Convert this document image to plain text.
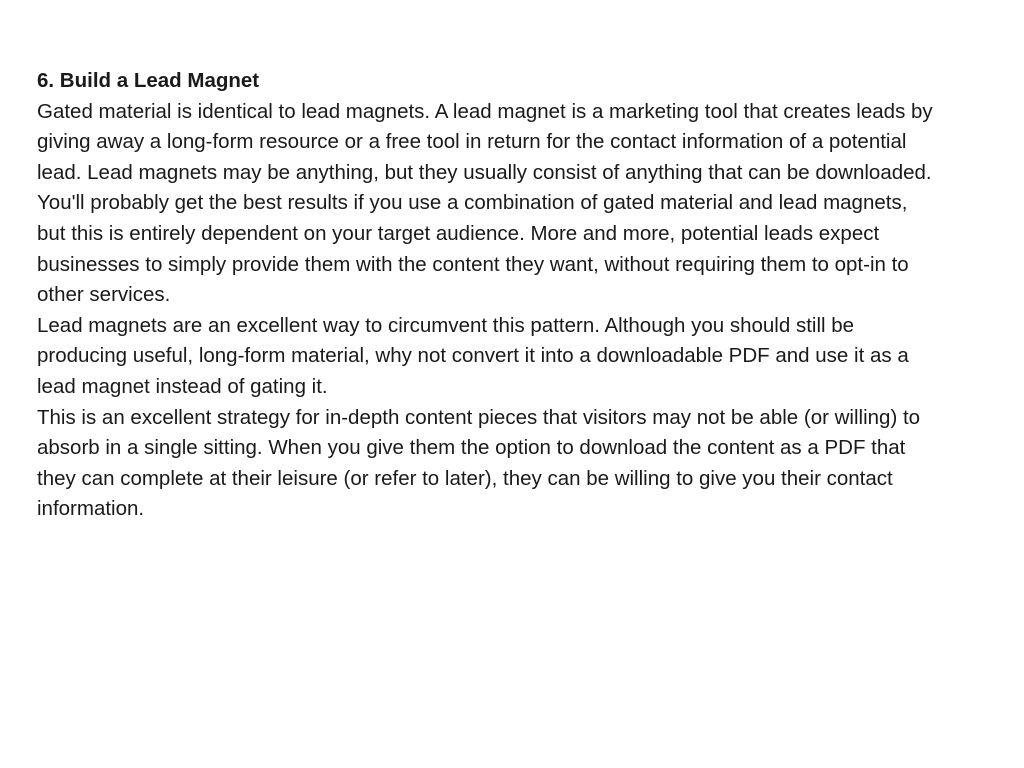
6. Build a Lead Magnet

Gated material is identical to lead magnets. A lead magnet is a marketing tool that creates leads by giving away a long-form resource or a free tool in return for the contact information of a potential lead. Lead magnets may be anything, but they usually consist of anything that can be downloaded.

You'll probably get the best results if you use a combination of gated material and lead magnets, but this is entirely dependent on your target audience. More and more, potential leads expect businesses to simply provide them with the content they want, without requiring them to opt-in to other services.

Lead magnets are an excellent way to circumvent this pattern. Although you should still be producing useful, long-form material, why not convert it into a downloadable PDF and use it as a lead magnet instead of gating it.

This is an excellent strategy for in-depth content pieces that visitors may not be able (or willing) to absorb in a single sitting. When you give them the option to download the content as a PDF that they can complete at their leisure (or refer to later), they can be willing to give you their contact information.
